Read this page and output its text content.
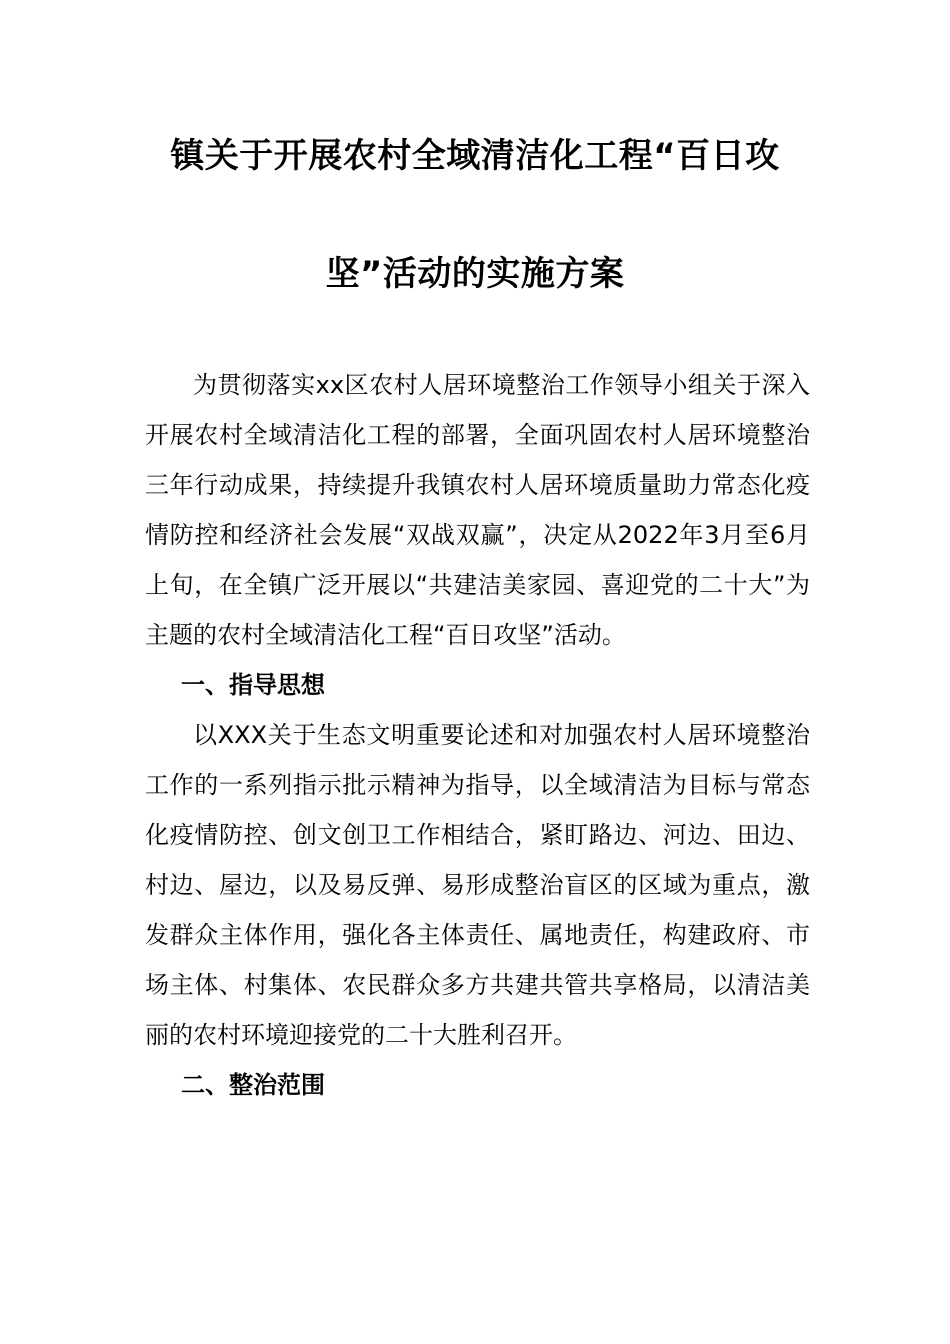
镇关于开展农村全域清洁化工程“百日攻
坚”活动的实施方案

为贯彻落实xx区农村人居环境整治工作领导小组关于深入开展农村全域清洁化工程的部署，全面巩固农村人居环境整治三年行动成果，持续提升我镇农村人居环境质量助力常态化疫情防控和经济社会发展“双战双赢”，决定从2022年3月至6月上旬，在全镇广泛开展以“共建洁美家园、喜迎党的二十大”为主题的农村全域清洁化工程“百日攻坚”活动。

一、指导思想

以XXX关于生态文明重要论述和对加强农村人居环境整治工作的一系列指示批示精神为指导，以全域清洁为目标与常态化疫情防控、创文创卫工作相结合，紧盯路边、河边、田边、村边、屋边，以及易反弹、易形成整治盲区的区域为重点，激发群众主体作用，强化各主体责任、属地责任，构建政府、市场主体、村集体、农民群众多方共建共管共享格局，以清洁美丽的农村环境迎接党的二十大胜利召开。

二、整治范围
